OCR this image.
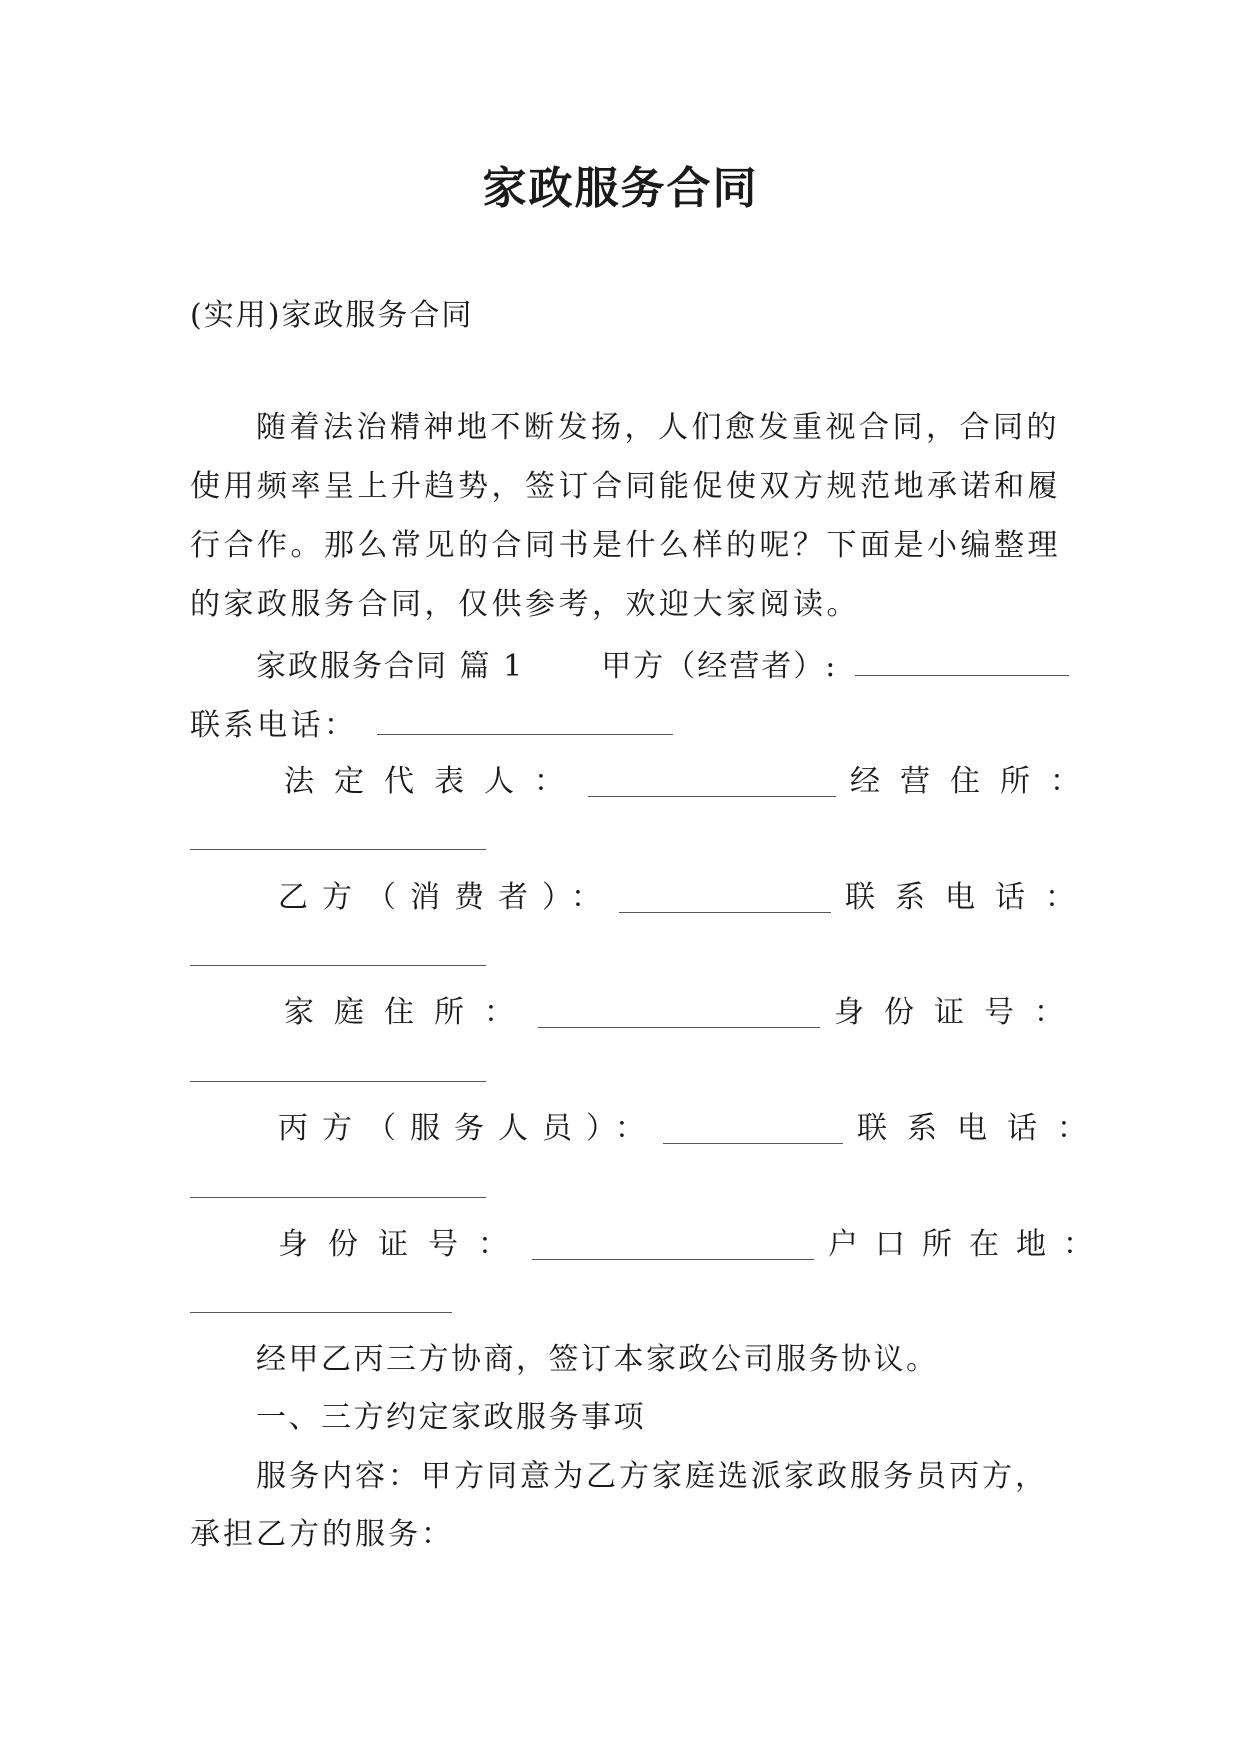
家政服务合同
(实用)家政服务合同
随着法治精神地不断发扬，人们愈发重视合同，合同的
使用频率呈上升趋势，签订合同能促使双方规范地承诺和履
行合作。那么常见的合同书是什么样的呢？下面是小编整理
的家政服务合同，仅供参考，欢迎大家阅读。
家政服务合同 篇 1	甲方（经营者）:
联系电话：
法定代表人：	经营住所：
乙方（消费者）：	联系电话：
家庭住所：	身份证号：
丙方（服务人员）：	联系电话：
身份证号：	户口所在地：
经甲乙丙三方协商，签订本家政公司服务协议。
一、三方约定家政服务事项
服务内容：甲方同意为乙方家庭选派家政服务员丙方，
承担乙方的服务：
